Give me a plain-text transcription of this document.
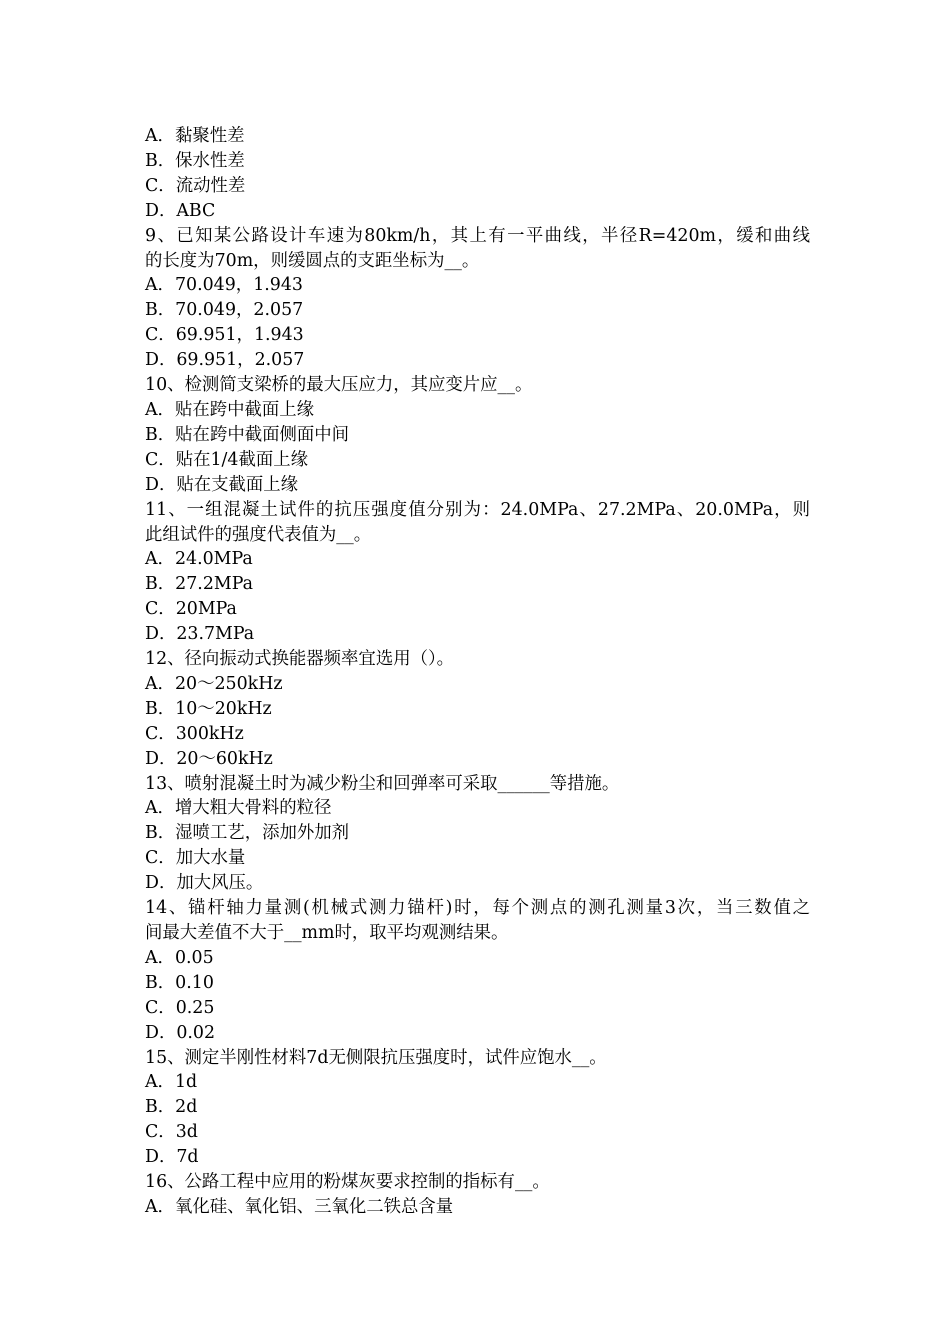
A．黏聚性差
B．保水性差
C．流动性差
D．ABC
9、已知某公路设计车速为80km/h，其上有一平曲线，半径R=420m，缓和曲线
的长度为70m，则缓圆点的支距坐标为__。
A．70.049，1.943
B．70.049，2.057
C．69.951，1.943
D．69.951，2.057
10、检测简支梁桥的最大压应力，其应变片应__。
A．贴在跨中截面上缘
B．贴在跨中截面侧面中间
C．贴在1/4截面上缘
D．贴在支截面上缘
11、一组混凝土试件的抗压强度值分别为：24.0MPa、27.2MPa、20.0MPa，则
此组试件的强度代表值为__。
A．24.0MPa
B．27.2MPa
C．20MPa
D．23.7MPa
12、径向振动式换能器频率宜选用（）。
A．20～250kHz
B．10～20kHz
C．300kHz
D．20～60kHz
13、喷射混凝土时为减少粉尘和回弹率可采取______等措施。
A．增大粗大骨料的粒径
B．湿喷工艺，添加外加剂
C．加大水量
D．加大风压。
14、锚杆轴力量测(机械式测力锚杆)时，每个测点的测孔测量3次，当三数值之
间最大差值不大于__mm时，取平均观测结果。
A．0.05
B．0.10
C．0.25
D．0.02
15、测定半刚性材料7d无侧限抗压强度时，试件应饱水__。
A．1d
B．2d
C．3d
D．7d
16、公路工程中应用的粉煤灰要求控制的指标有__。
A．氧化硅、氧化铝、三氧化二铁总含量
